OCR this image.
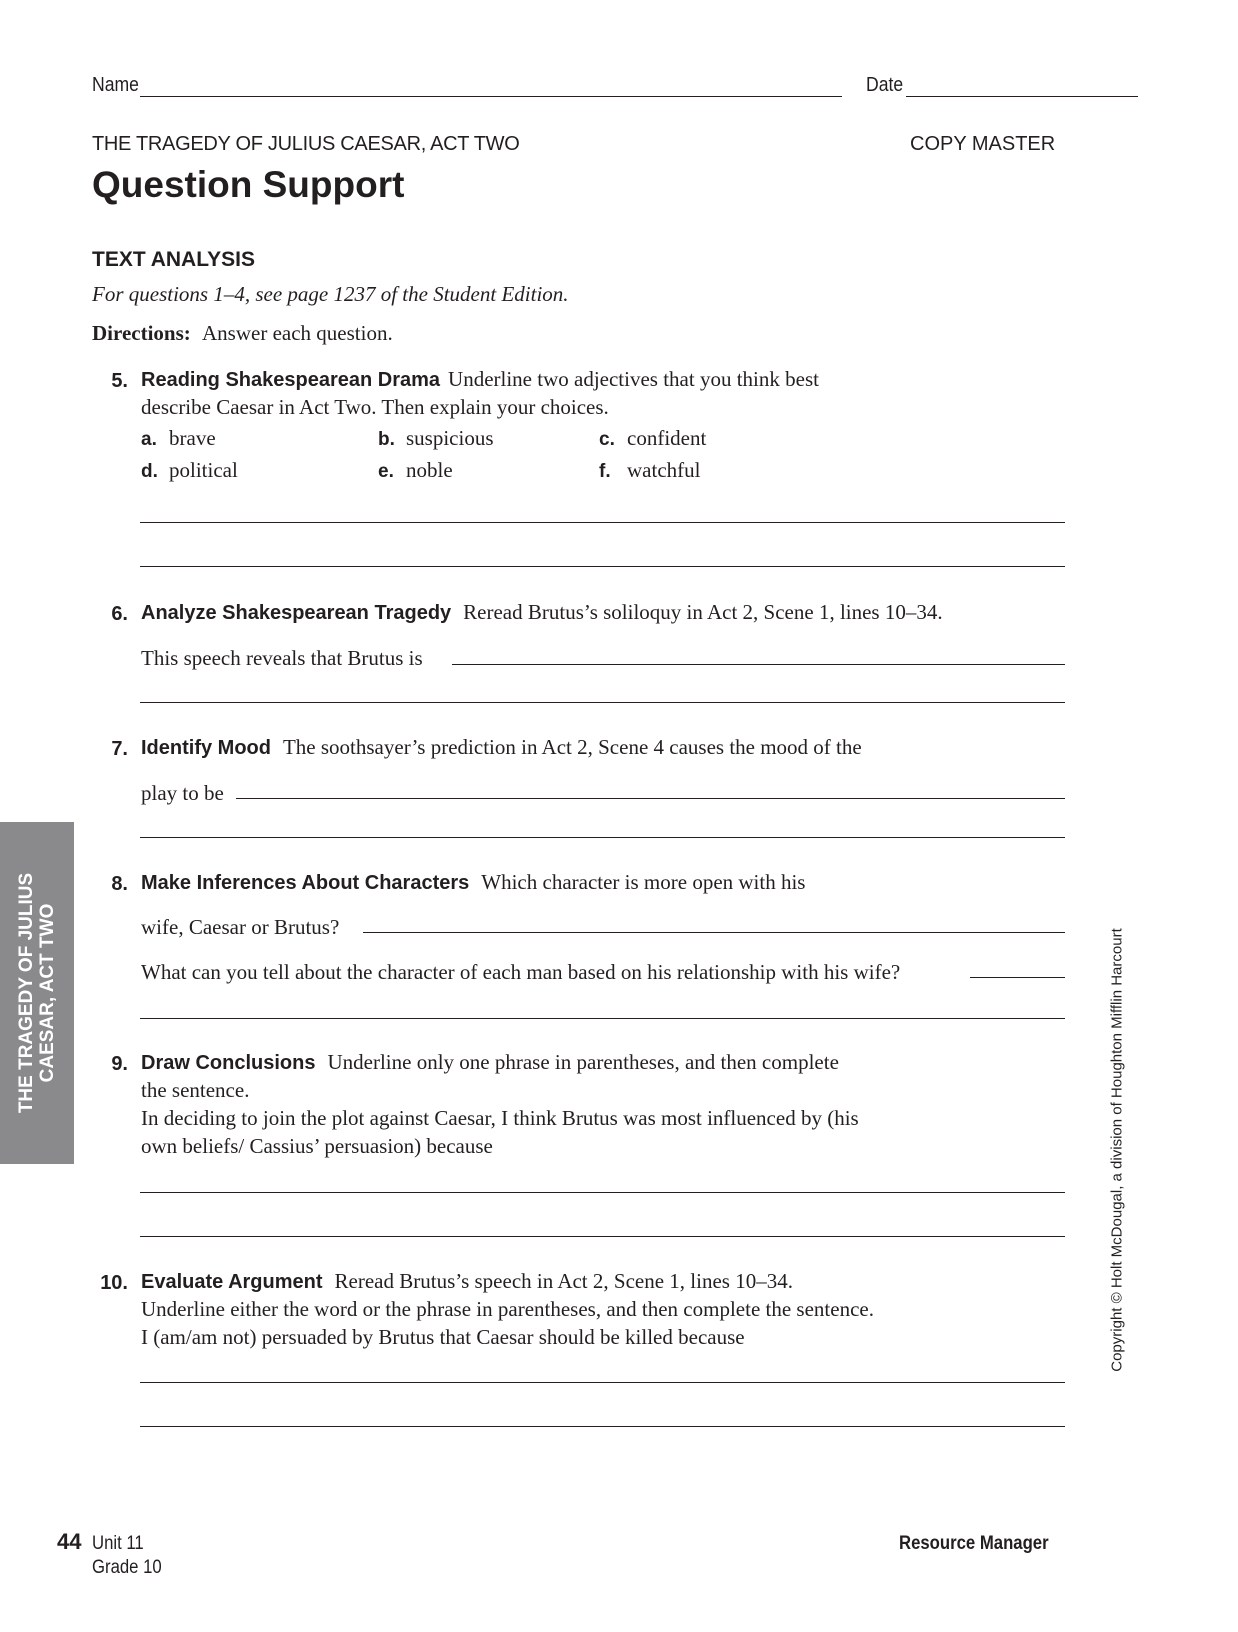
Name	Date
THE TRAGEDY OF JULIUS CAESAR, ACT TWO	COPY MASTER
Question Support
TEXT ANALYSIS
For questions 1–4, see page 1237 of the Student Edition.
Directions: Answer each question.
5. Reading Shakespearean Drama Underline two adjectives that you think best
describe Caesar in Act Two. Then explain your choices.
a. brave	b. suspicious	c. confident
d. political	e. noble	f. watchful
6. Analyze Shakespearean Tragedy Reread Brutus’s soliloquy in Act 2, Scene 1, lines 10–34.
This speech reveals that Brutus is
7. Identify Mood The soothsayer’s prediction in Act 2, Scene 4 causes the mood of the
play to be
8. Make Inferences About Characters Which character is more open with his
wife, Caesar or Brutus?
What can you tell about the character of each man based on his relationship with his wife?
9. Draw Conclusions Underline only one phrase in parentheses, and then complete
the sentence.
In deciding to join the plot against Caesar, I think Brutus was most influenced by (his
own beliefs/ Cassius’ persuasion) because
10. Evaluate Argument Reread Brutus’s speech in Act 2, Scene 1, lines 10–34.
Underline either the word or the phrase in parentheses, and then complete the sentence.
I (am/am not) persuaded by Brutus that Caesar should be killed because
THE TRAGEDY OF JULIUS CAESAR, ACT TWO	Copyright © Holt McDougal, a division of Houghton Mifflin Harcourt
44 Unit 11
Grade 10
Resource Manager
